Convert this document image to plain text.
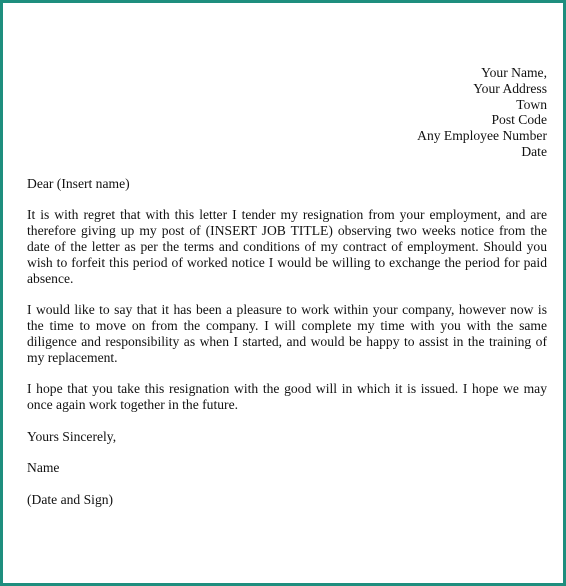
Your Name,
Your Address
Town
Post Code
Any Employee Number
Date

Dear (Insert name)

It is with regret that with this letter I tender my resignation from your employment, and are therefore giving up my post of (INSERT JOB TITLE) observing two weeks notice from the date of the letter as per the terms and conditions of my contract of employment. Should you wish to forfeit this period of worked notice I would be willing to exchange the period for paid absence.

I would like to say that it has been a pleasure to work within your company, however now is the time to move on from the company. I will complete my time with you with the same diligence and responsibility as when I started, and would be happy to assist in the training of my replacement.

I hope that you take this resignation with the good will in which it is issued. I hope we may once again work together in the future.

Yours Sincerely,

Name

(Date and Sign)
